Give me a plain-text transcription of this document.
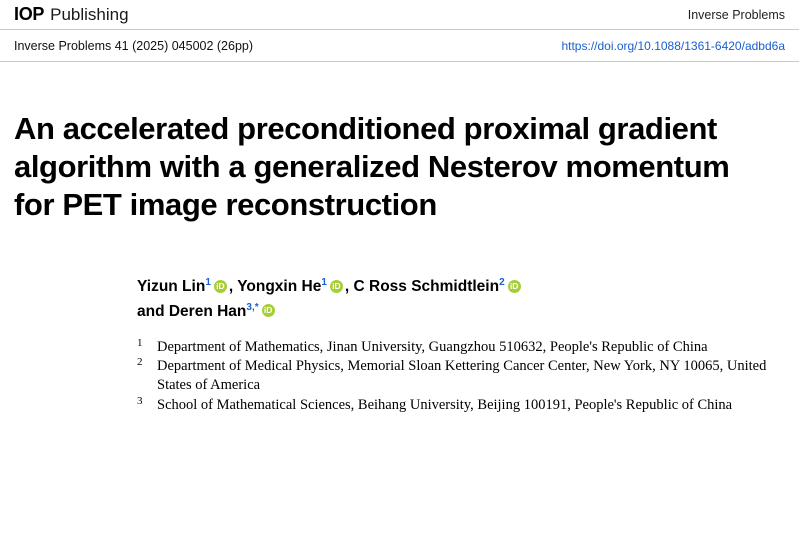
IOP Publishing	Inverse Problems
Inverse Problems 41 (2025) 045002 (26pp)	https://doi.org/10.1088/1361-6420/adbd6a
An accelerated preconditioned proximal gradient algorithm with a generalized Nesterov momentum for PET image reconstruction
Yizun Lin$^1$ iD , Yongxin He$^1$ iD , C Ross Schmidtlein$^2$iD
and Deren Han$^{3,*}$iD
1 Department of Mathematics, Jinan University, Guangzhou 510632, People's Republic of China
2 Department of Medical Physics, Memorial Sloan Kettering Cancer Center, New York, NY 10065, United States of America
3 School of Mathematical Sciences, Beihang University, Beijing 100191, People's Republic of China
